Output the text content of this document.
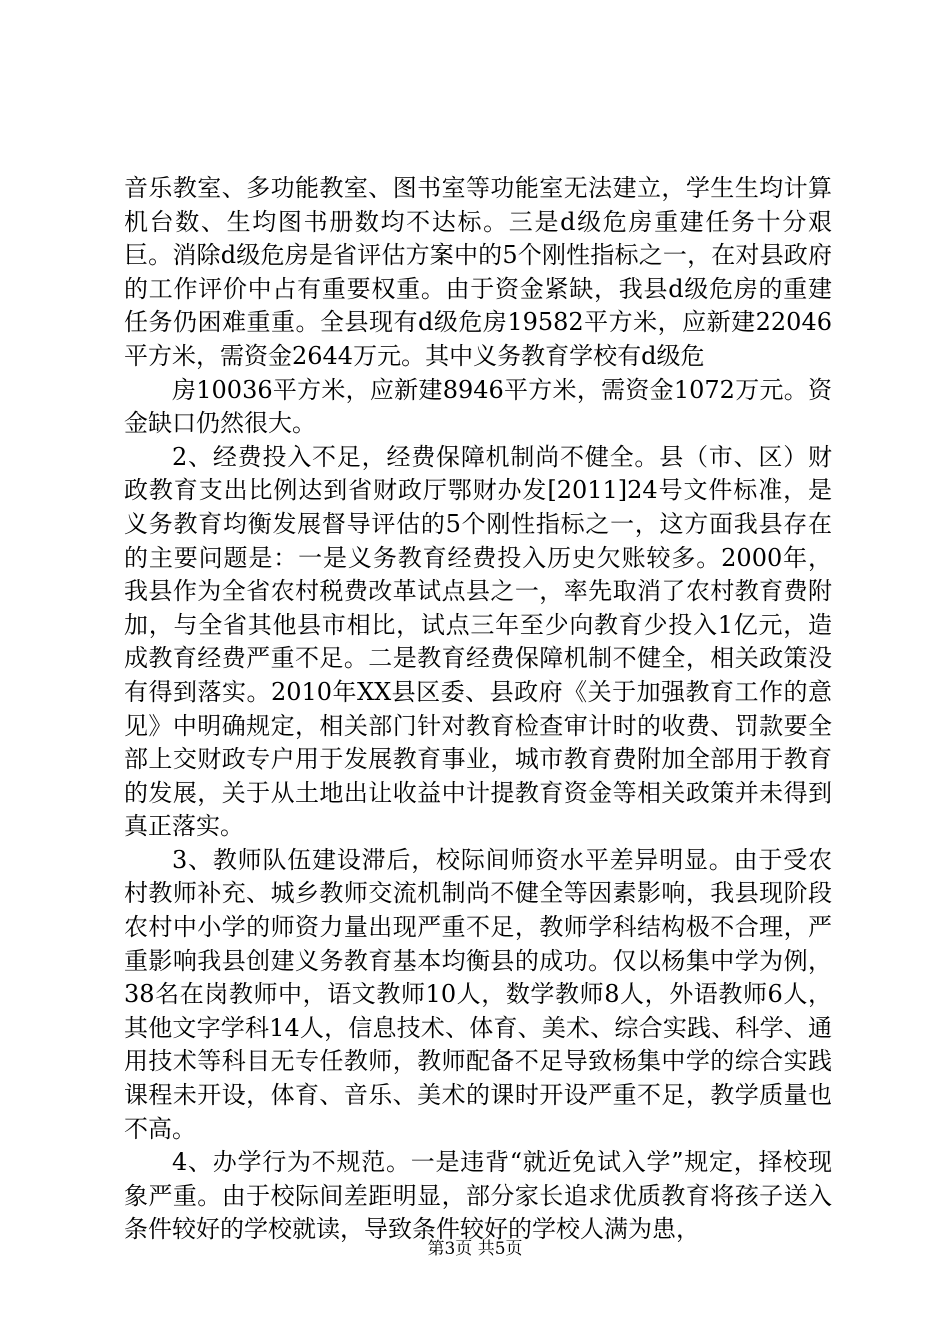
音乐教室、多功能教室、图书室等功能室无法建立，学生生均计算机台数、生均图书册数均不达标。三是d级危房重建任务十分艰巨。消除d级危房是省评估方案中的5个刚性指标之一，在对县政府的工作评价中占有重要权重。由于资金紧缺，我县d级危房的重建任务仍困难重重。全县现有d级危房19582平方米，应新建22046平方米，需资金2644万元。其中义务教育学校有d级危

房10036平方米，应新建8946平方米，需资金1072万元。资金缺口仍然很大。

2、经费投入不足，经费保障机制尚不健全。县（市、区）财政教育支出比例达到省财政厅鄂财办发[2011]24号文件标准，是义务教育均衡发展督导评估的5个刚性指标之一，这方面我县存在的主要问题是：一是义务教育经费投入历史欠账较多。2000年，我县作为全省农村税费改革试点县之一，率先取消了农村教育费附加，与全省其他县市相比，试点三年至少向教育少投入1亿元，造成教育经费严重不足。二是教育经费保障机制不健全，相关政策没有得到落实。2010年XX县区委、县政府《关于加强教育工作的意见》中明确规定，相关部门针对教育检查审计时的收费、罚款要全部上交财政专户用于发展教育事业，城市教育费附加全部用于教育的发展，关于从土地出让收益中计提教育资金等相关政策并未得到真正落实。

3、教师队伍建设滞后，校际间师资水平差异明显。由于受农村教师补充、城乡教师交流机制尚不健全等因素影响，我县现阶段农村中小学的师资力量出现严重不足，教师学科结构极不合理，严重影响我县创建义务教育基本均衡县的成功。仅以杨集中学为例，38名在岗教师中，语文教师10人，数学教师8人，外语教师6人，其他文字学科14人，信息技术、体育、美术、综合实践、科学、通用技术等科目无专任教师，教师配备不足导致杨集中学的综合实践课程未开设，体育、音乐、美术的课时开设严重不足，教学质量也不高。

4、办学行为不规范。一是违背“就近免试入学”规定，择校现象严重。由于校际间差距明显，部分家长追求优质教育将孩子送入条件较好的学校就读，导致条件较好的学校人满为患，

第3页 共5页
